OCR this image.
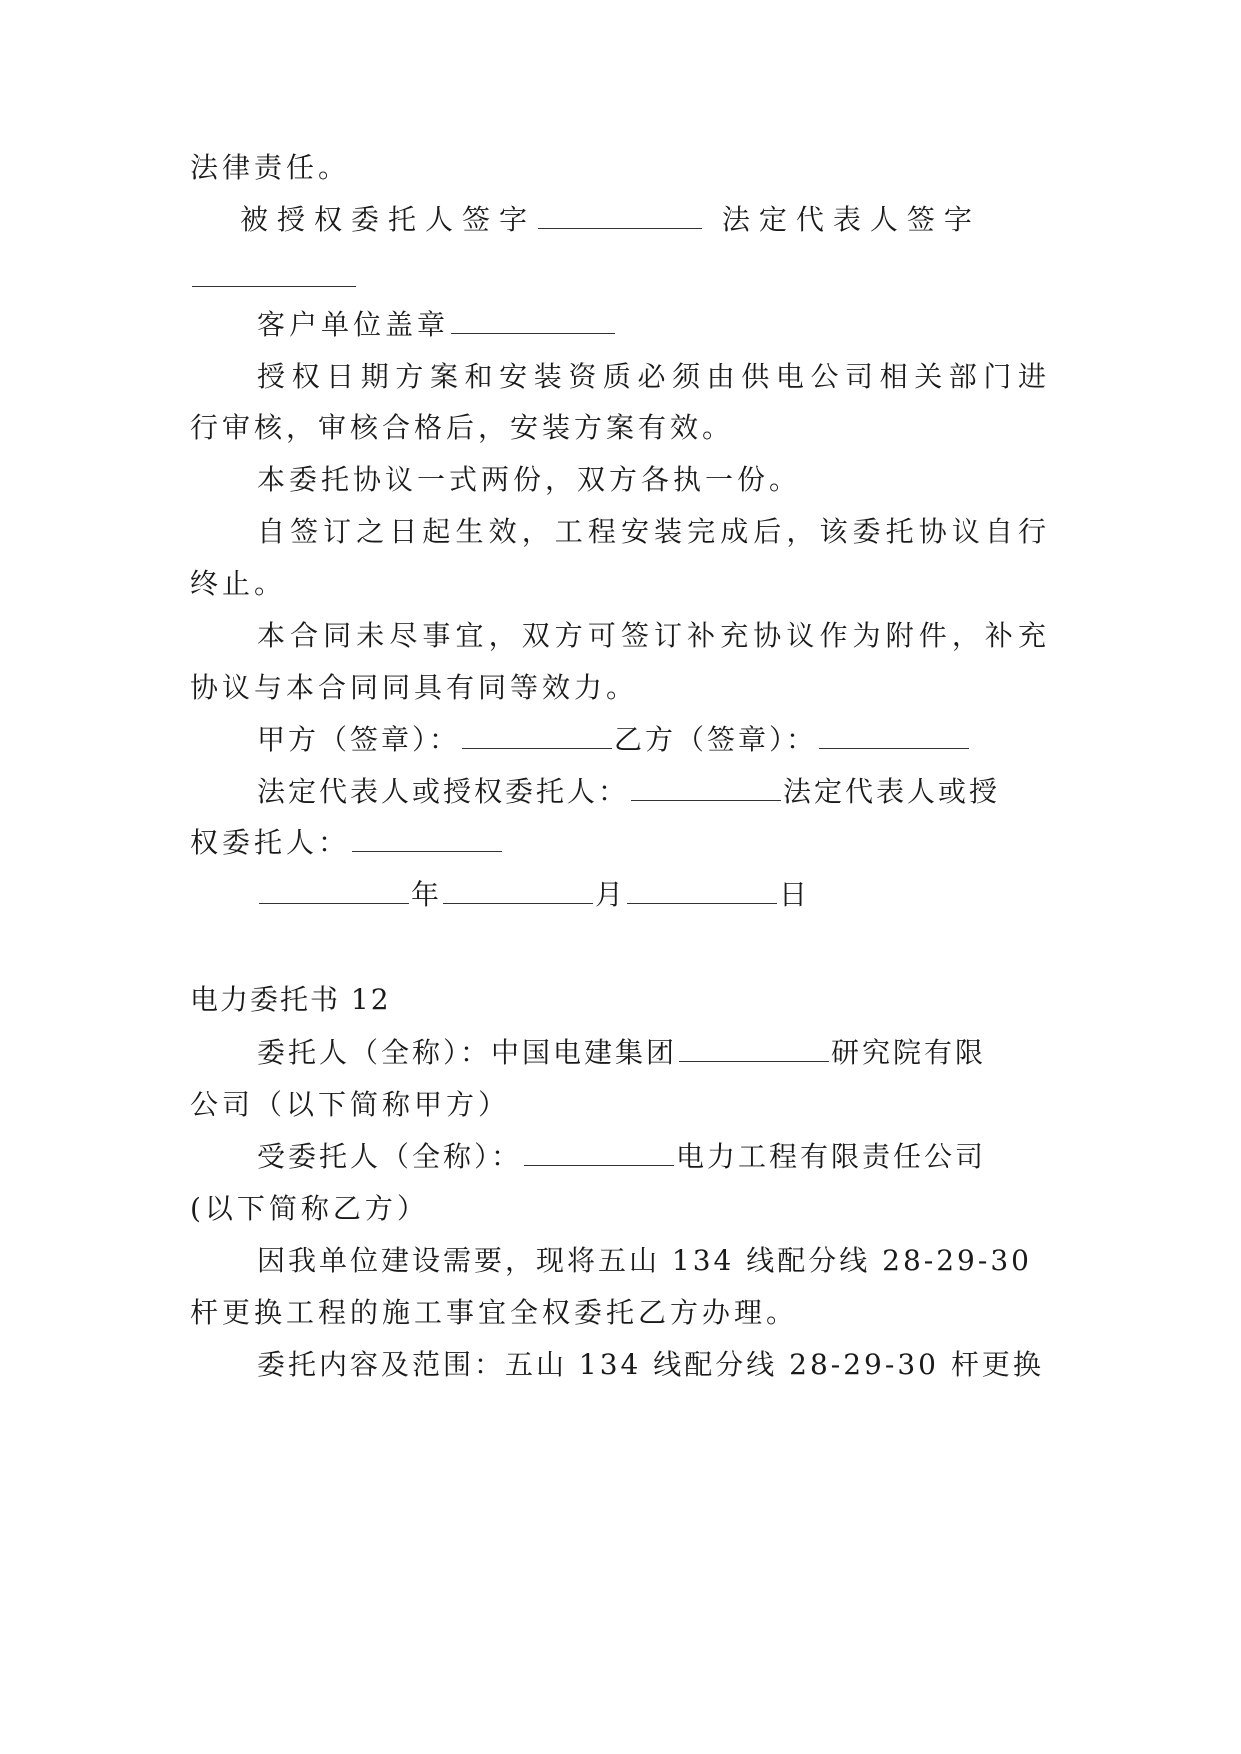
法律责任。
被授权委托人签字	法定代表人签字
客户单位盖章
授权日期方案和安装资质必须由供电公司相关部门进
行审核，审核合格后，安装方案有效。
本委托协议一式两份，双方各执一份。
自签订之日起生效，工程安装完成后，该委托协议自行
终止。
本合同未尽事宜，双方可签订补充协议作为附件，补充
协议与本合同同具有同等效力。
甲方（签章）：	乙方（签章）：
法定代表人或授权委托人：	法定代表人或授
权委托人：
年	月	日
电力委托书 12
委托人（全称）：中国电建集团	研究院有限
公司（以下简称甲方）
受委托人（全称）：	电力工程有限责任公司
(以下简称乙方）
因我单位建设需要，现将五山 134 线配分线 28-29-30
杆更换工程的施工事宜全权委托乙方办理。
委托内容及范围：五山 134 线配分线 28-29-30 杆更换
